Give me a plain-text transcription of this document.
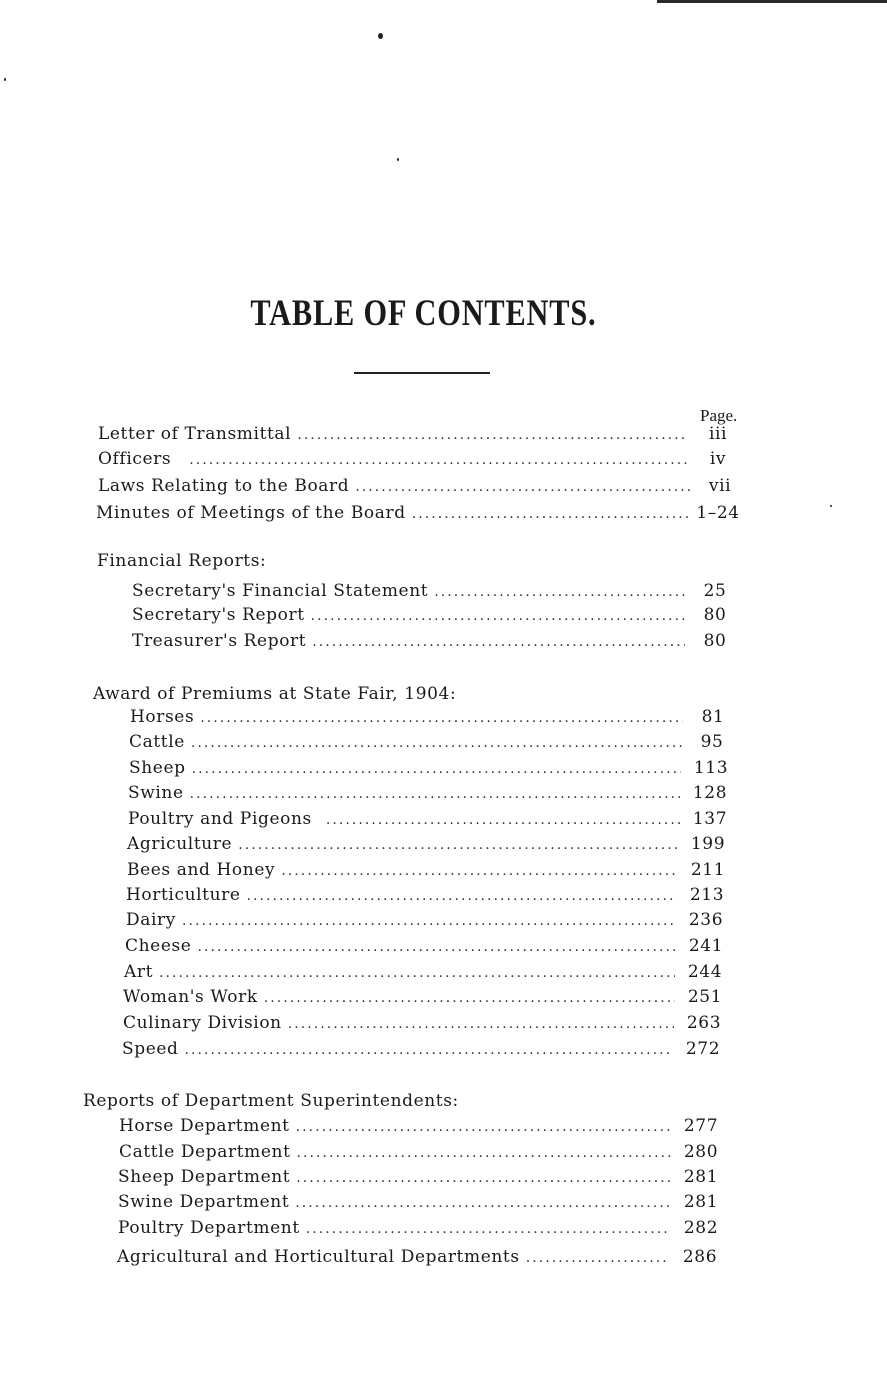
TABLE OF CONTENTS.
Page.
Letter of Transmittal . . .	iii
Officers . . .	iv
Laws Relating to the Board . . .	vii
Minutes of Meetings of the Board . . .	1–24
Financial Reports:
Secretary's Financial Statement . . .	25
Secretary's Report . . .	80
Treasurer's Report . . .	80
Award of Premiums at State Fair, 1904:
Horses . . .	81
Cattle . . .	95
Sheep . . .	113
Swine . . .	128
Poultry and Pigeons . . .	137
Agriculture . . .	199
Bees and Honey . . .	211
Horticulture . . .	213
Dairy . . .	236
Cheese . . .	241
Art . . .	244
Woman's Work . . .	251
Culinary Division . . .	263
Speed . . .	272
Reports of Department Superintendents:
Horse Department . . .	277
Cattle Department . . .	280
Sheep Department . . .	281
Swine Department . . .	281
Poultry Department . . .	282
Agricultural and Horticultural Departments . . .	286
